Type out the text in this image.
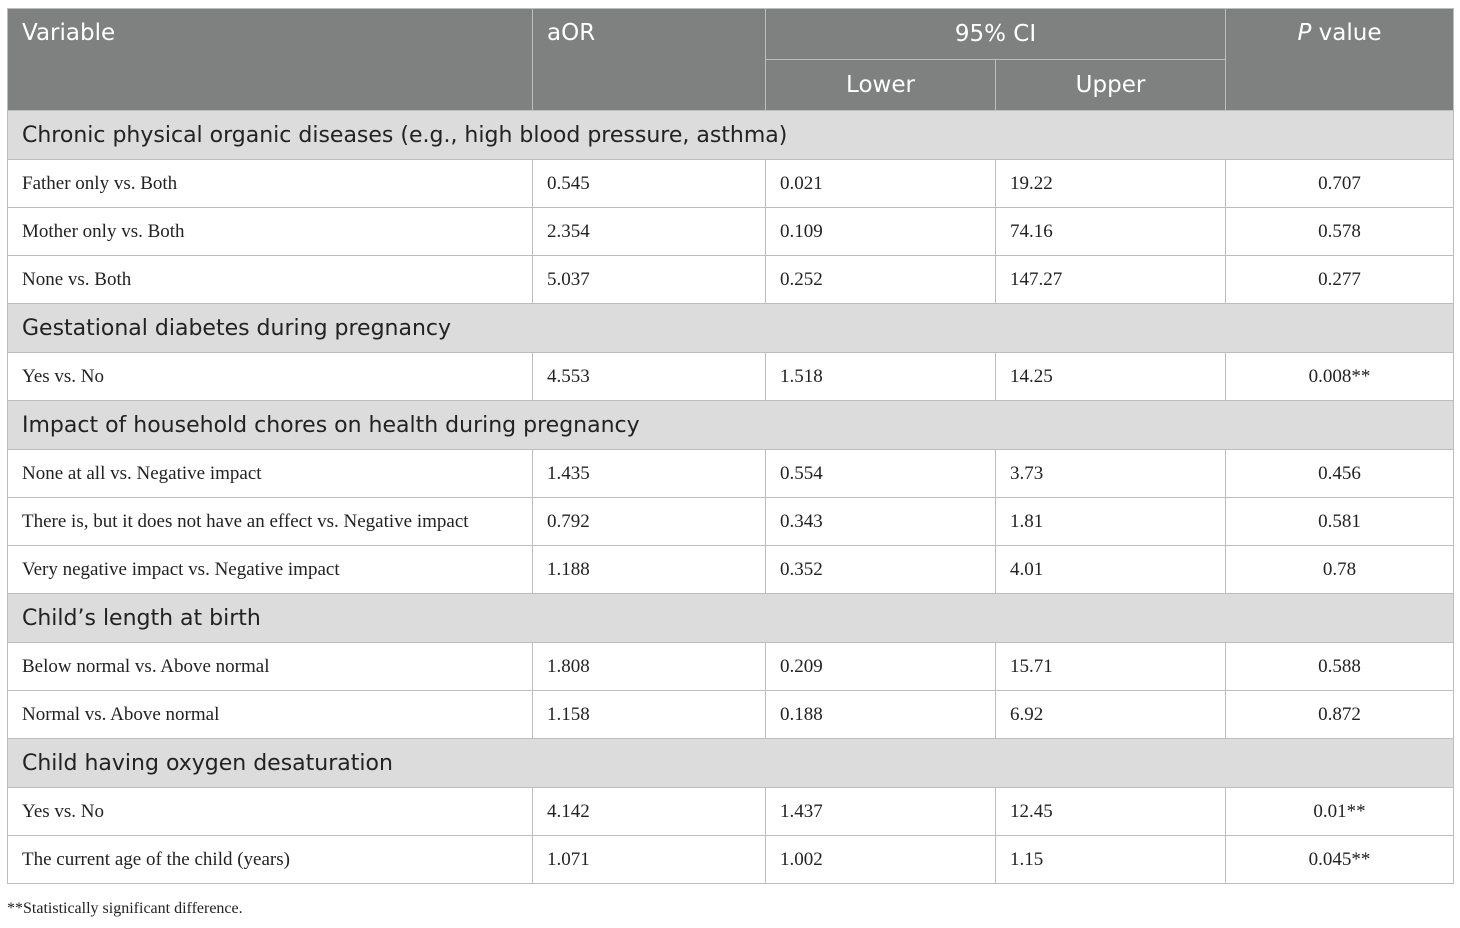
Variable	aOR	95% CI		P value
		Lower	Upper	
Chronic physical organic diseases (e.g., high blood pressure, asthma)				
Father only vs. Both	0.545	0.021	19.22	0.707
Mother only vs. Both	2.354	0.109	74.16	0.578
None vs. Both	5.037	0.252	147.27	0.277
Gestational diabetes during pregnancy				
Yes vs. No	4.553	1.518	14.25	0.008**
Impact of household chores on health during pregnancy				
None at all vs. Negative impact	1.435	0.554	3.73	0.456
There is, but it does not have an effect vs. Negative impact	0.792	0.343	1.81	0.581
Very negative impact vs. Negative impact	1.188	0.352	4.01	0.78
Child’s length at birth				
Below normal vs. Above normal	1.808	0.209	15.71	0.588
Normal vs. Above normal	1.158	0.188	6.92	0.872
Child having oxygen desaturation				
Yes vs. No	4.142	1.437	12.45	0.01**
The current age of the child (years)	1.071	1.002	1.15	0.045**
**Statistically significant difference.
